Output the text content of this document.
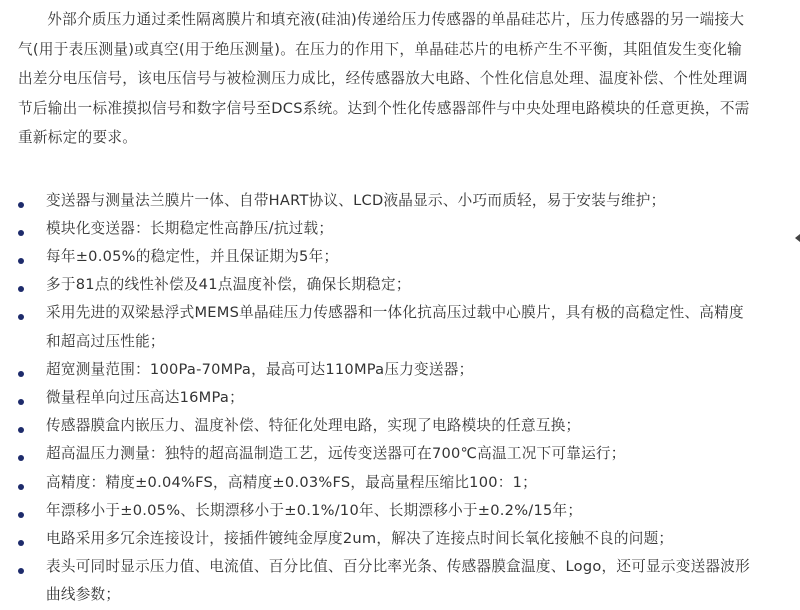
外部介质压力通过柔性隔离膜片和填充液(硅油)传递给压力传感器的单晶硅芯片，压力传感器的另一端接大气(用于表压测量)或真空(用于绝压测量)。在压力的作用下，单晶硅芯片的电桥产生不平衡，其阻值发生变化输出差分电压信号，该电压信号与被检测压力成比，经传感器放大电路、个性化信息处理、温度补偿、个性处理调节后输出一标准摸拟信号和数字信号至DCS系统。达到个性化传感器部件与中央处理电路模块的任意更换，不需重新标定的要求。

变送器与测量法兰膜片一体、自带HART协议、LCD液晶显示、小巧而质轻，易于安装与维护；
模块化变送器：长期稳定性高静压/抗过载；
每年±0.05%的稳定性，并且保证期为5年；
多于81点的线性补偿及41点温度补偿，确保长期稳定；
采用先进的双梁悬浮式MEMS单晶硅压力传感器和一体化抗高压过载中心膜片，具有极的高稳定性、高精度和超高过压性能；
超宽测量范围：100Pa-70MPa，最高可达110MPa压力变送器；
微量程单向过压高达16MPa；
传感器膜盒内嵌压力、温度补偿、特征化处理电路，实现了电路模块的任意互换；
超高温压力测量：独特的超高温制造工艺，远传变送器可在700℃高温工况下可靠运行；
高精度：精度±0.04%FS，高精度±0.03%FS，最高量程压缩比100：1；
年漂移小于±0.05%、长期漂移小于±0.1%/10年、长期漂移小于±0.2%/15年；
电路采用多冗余连接设计，接插件镀纯金厚度2um，解决了连接点时间长氧化接触不良的问题；
表头可同时显示压力值、电流值、百分比值、百分比率光条、传感器膜盒温度、Logo，还可显示变送器波形曲线参数；
